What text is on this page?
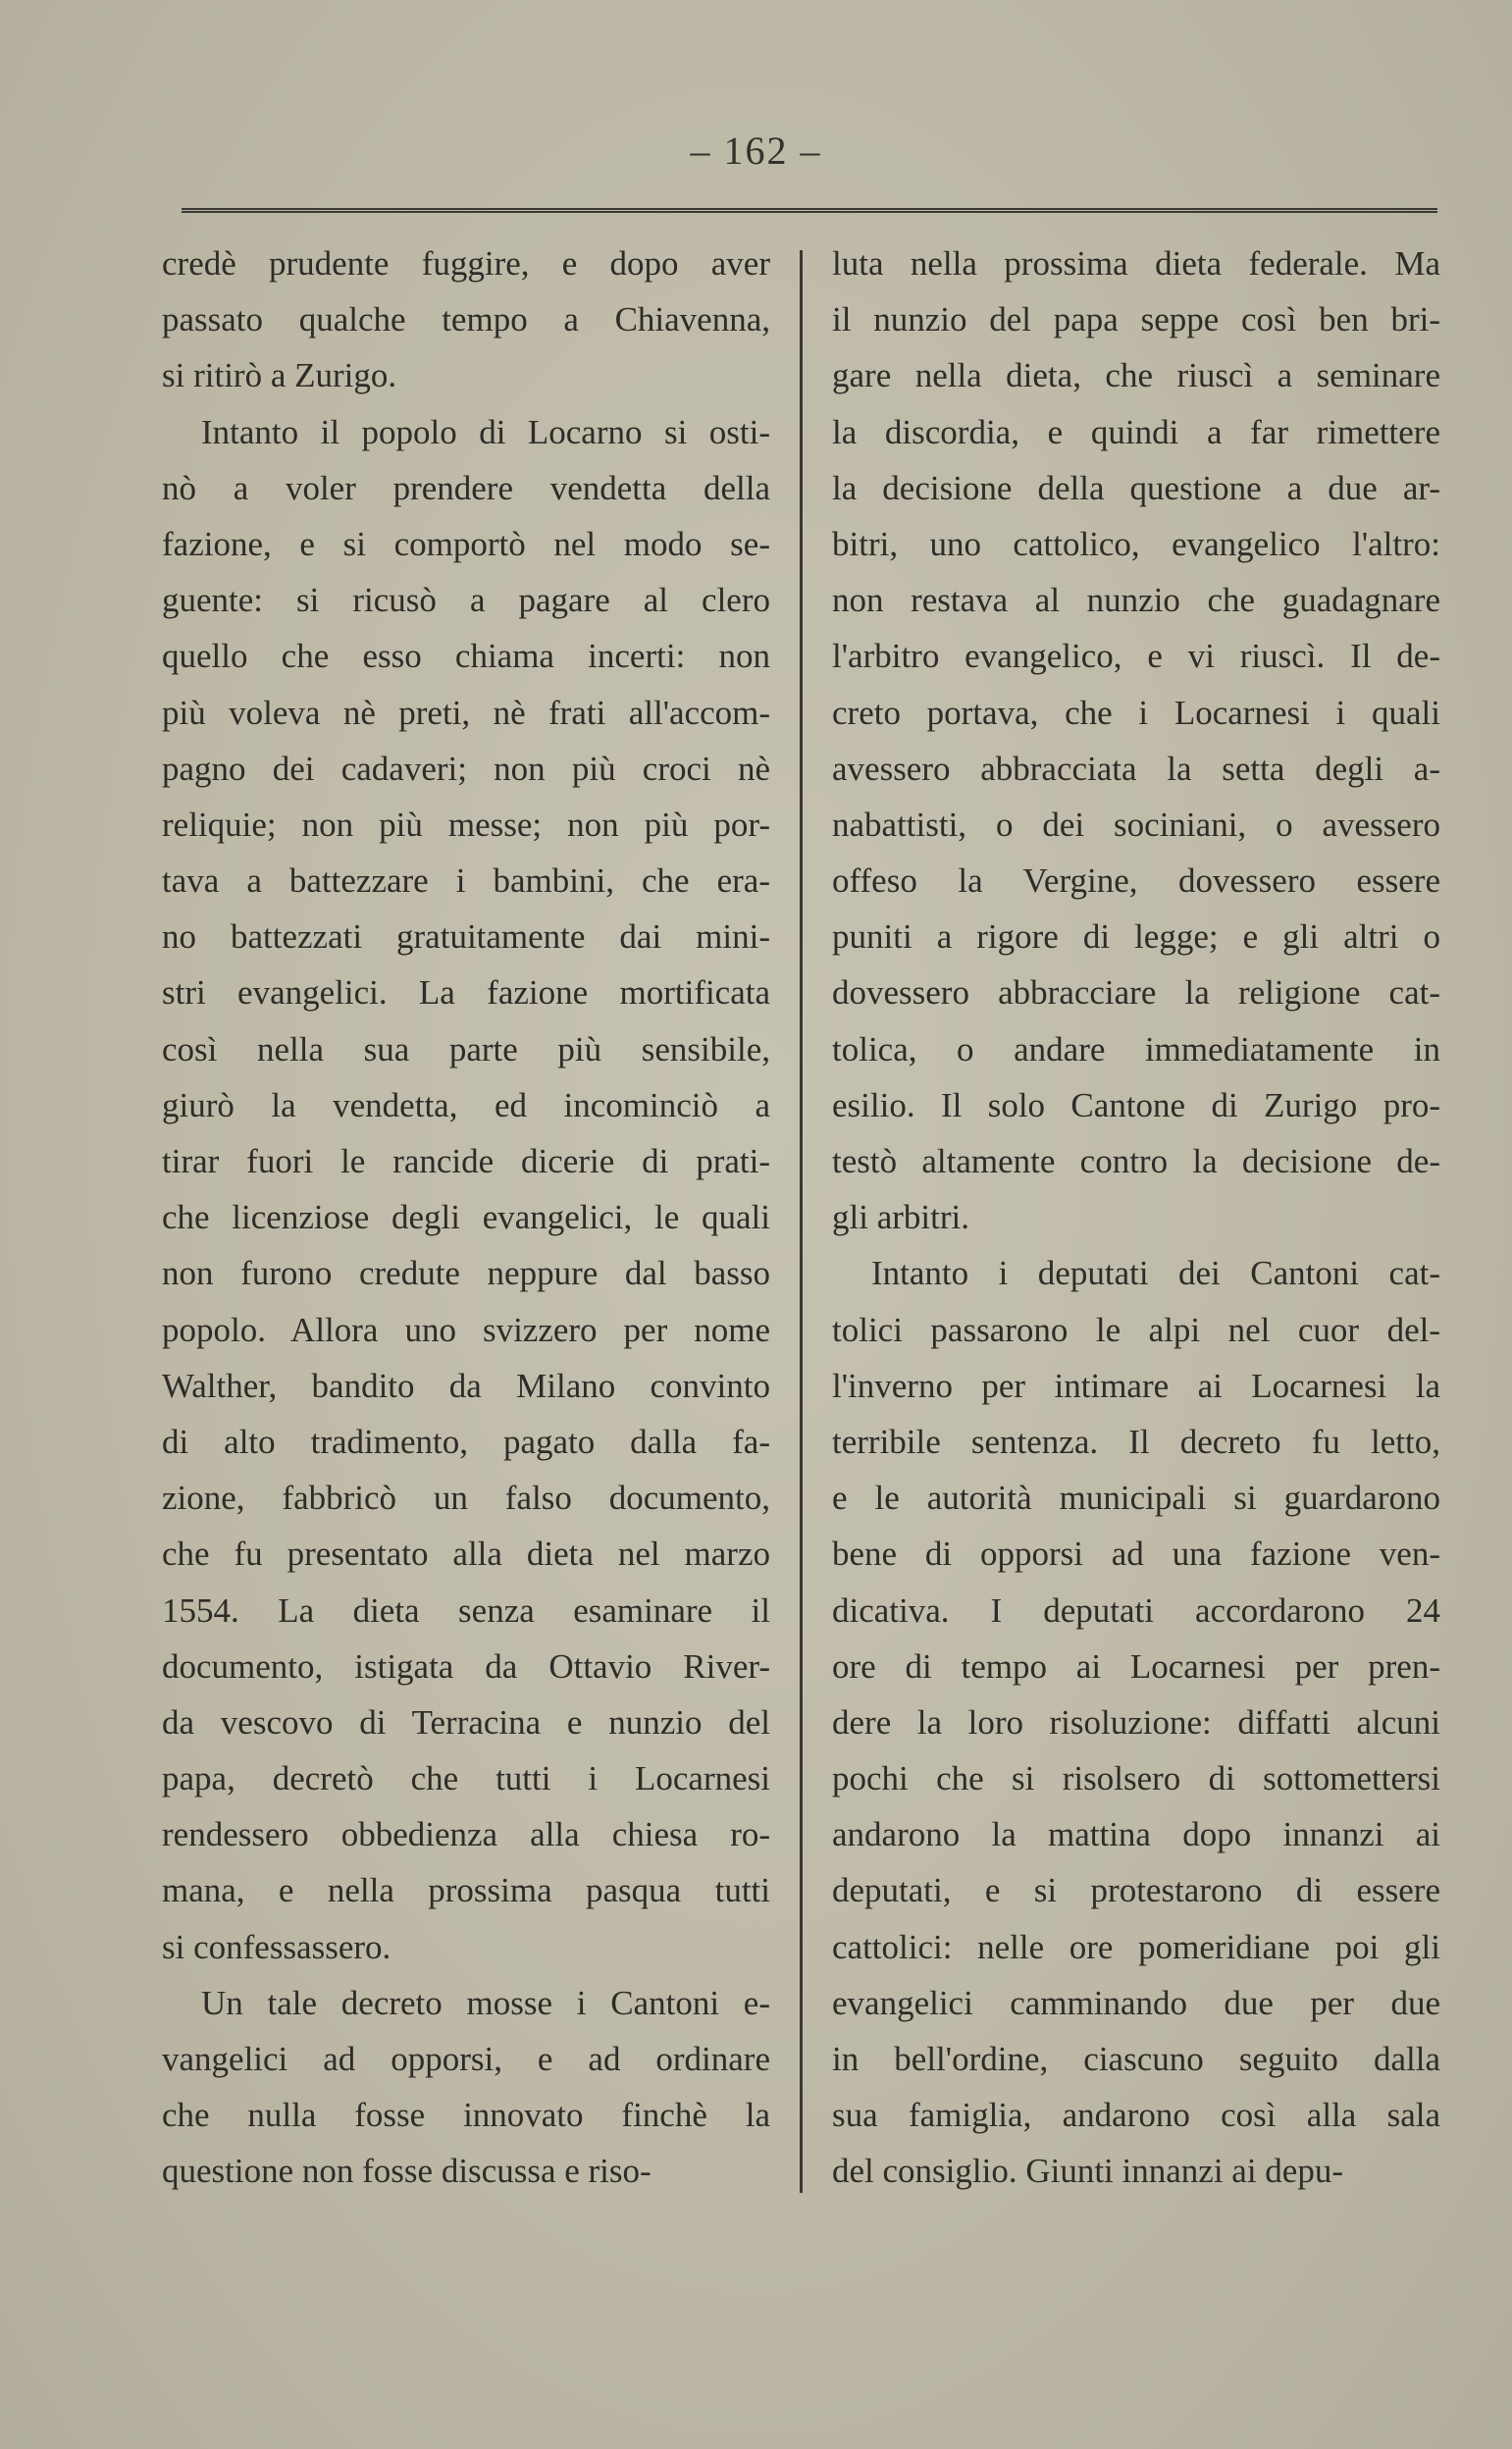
– 162 –
credè prudente fuggire, e dopo aver
passato qualche tempo a Chiavenna,
si ritirò a Zurigo.
Intanto il popolo di Locarno si osti-
nò a voler prendere vendetta della
fazione, e si comportò nel modo se-
guente: si ricusò a pagare al clero
quello che esso chiama incerti: non
più voleva nè preti, nè frati all'accom-
pagno dei cadaveri; non più croci nè
reliquie; non più messe; non più por-
tava a battezzare i bambini, che era-
no battezzati gratuitamente dai mini-
stri evangelici. La fazione mortificata
così nella sua parte più sensibile,
giurò la vendetta, ed incominciò a
tirar fuori le rancide dicerie di prati-
che licenziose degli evangelici, le quali
non furono credute neppure dal basso
popolo. Allora uno svizzero per nome
Walther, bandito da Milano convinto
di alto tradimento, pagato dalla fa-
zione, fabbricò un falso documento,
che fu presentato alla dieta nel marzo
1554. La dieta senza esaminare il
documento, istigata da Ottavio River-
da vescovo di Terracina e nunzio del
papa, decretò che tutti i Locarnesi
rendessero obbedienza alla chiesa ro-
mana, e nella prossima pasqua tutti
si confessassero.
Un tale decreto mosse i Cantoni e-
vangelici ad opporsi, e ad ordinare
che nulla fosse innovato finchè la
questione non fosse discussa e riso-
luta nella prossima dieta federale. Ma
il nunzio del papa seppe così ben bri-
gare nella dieta, che riuscì a seminare
la discordia, e quindi a far rimettere
la decisione della questione a due ar-
bitri, uno cattolico, evangelico l'altro:
non restava al nunzio che guadagnare
l'arbitro evangelico, e vi riuscì. Il de-
creto portava, che i Locarnesi i quali
avessero abbracciata la setta degli a-
nabattisti, o dei sociniani, o avessero
offeso la Vergine, dovessero essere
puniti a rigore di legge; e gli altri o
dovessero abbracciare la religione cat-
tolica, o andare immediatamente in
esilio. Il solo Cantone di Zurigo pro-
testò altamente contro la decisione de-
gli arbitri.
Intanto i deputati dei Cantoni cat-
tolici passarono le alpi nel cuor del-
l'inverno per intimare ai Locarnesi la
terribile sentenza. Il decreto fu letto,
e le autorità municipali si guardarono
bene di opporsi ad una fazione ven-
dicativa. I deputati accordarono 24
ore di tempo ai Locarnesi per pren-
dere la loro risoluzione: diffatti alcuni
pochi che si risolsero di sottomettersi
andarono la mattina dopo innanzi ai
deputati, e si protestarono di essere
cattolici: nelle ore pomeridiane poi gli
evangelici camminando due per due
in bell'ordine, ciascuno seguito dalla
sua famiglia, andarono così alla sala
del consiglio. Giunti innanzi ai depu-
